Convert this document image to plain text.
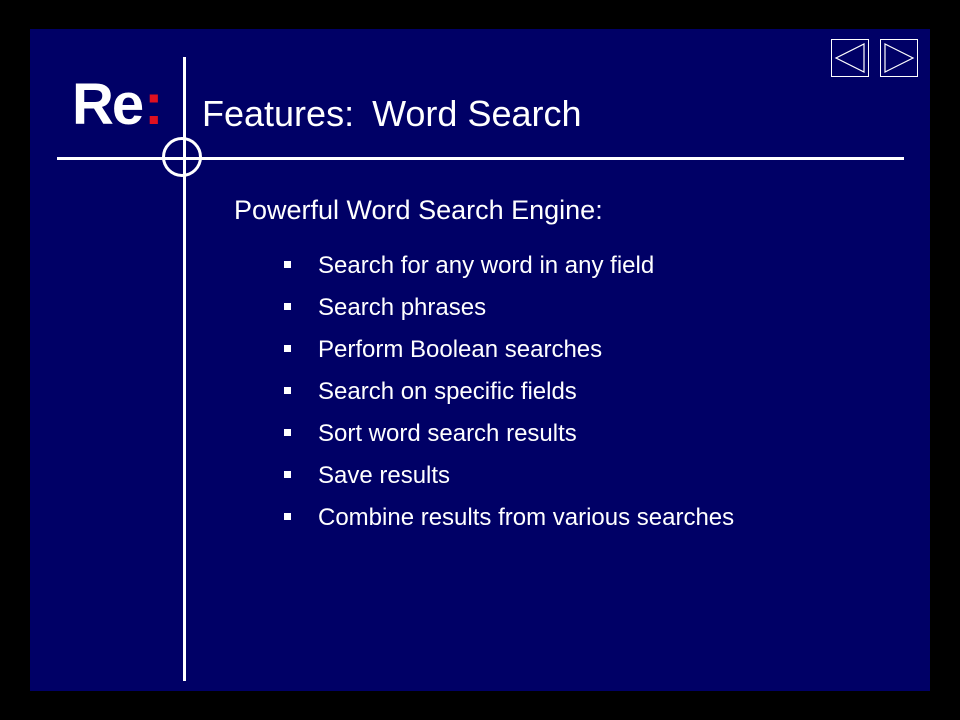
Re: Features: Word Search
Powerful Word Search Engine:
Search for any word in any field
Search phrases
Perform Boolean searches
Search on specific fields
Sort word search results
Save results
Combine results from various searches
